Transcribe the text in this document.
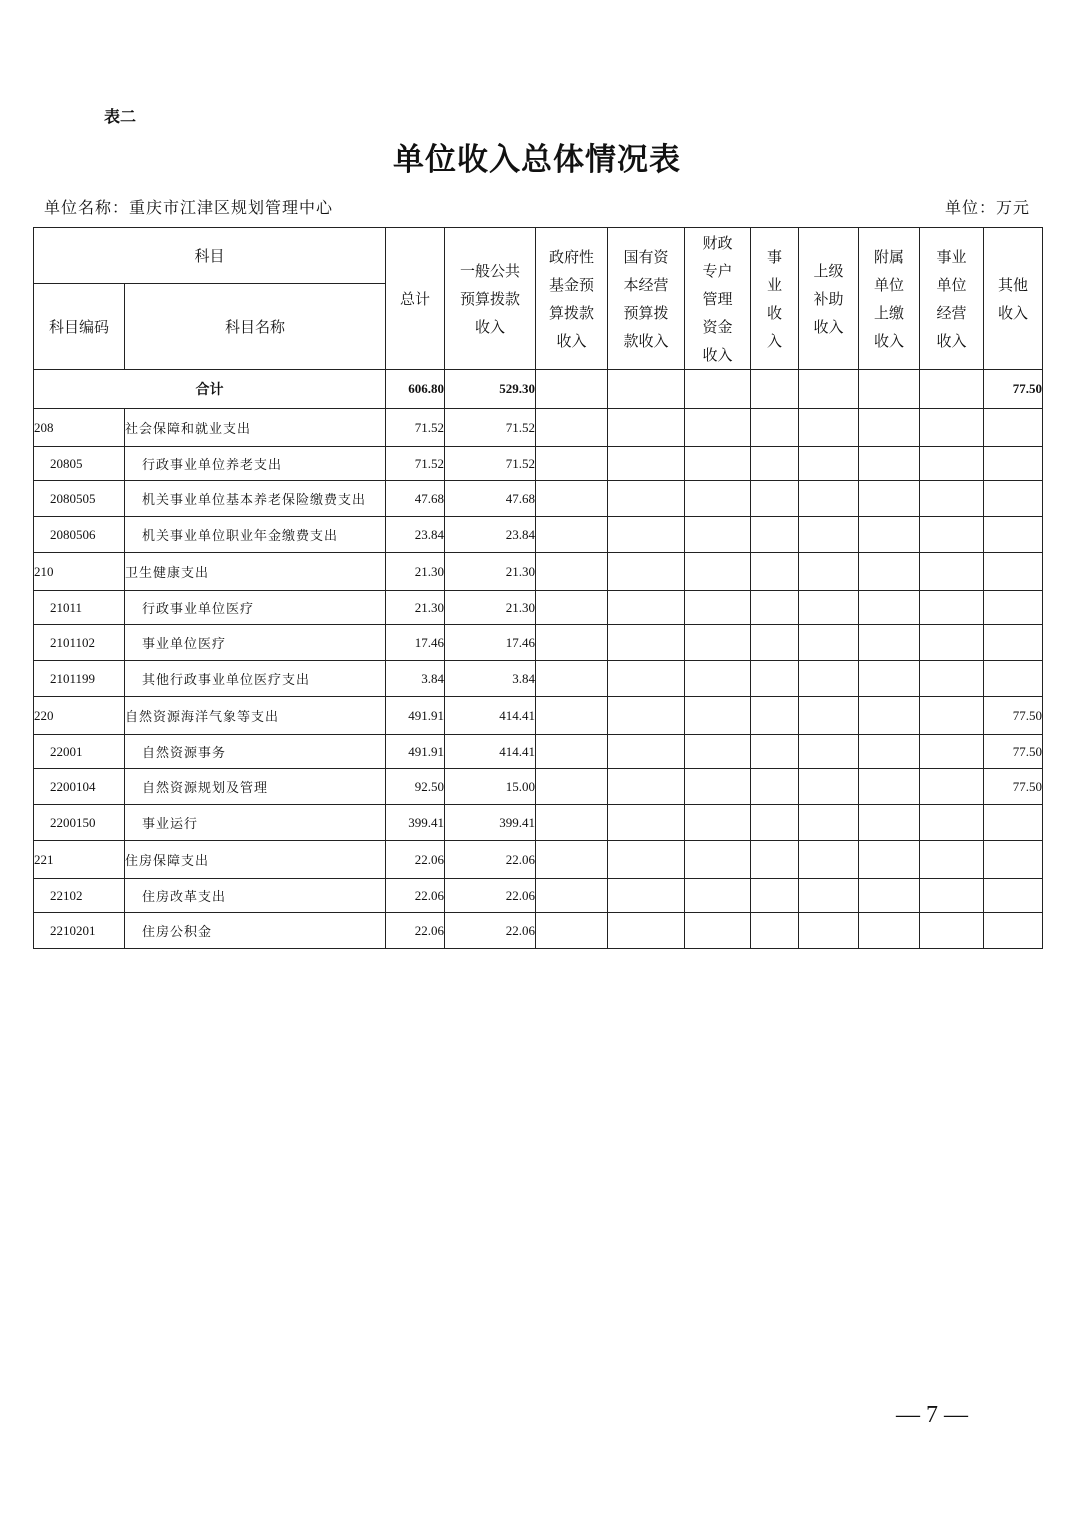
表二
单位收入总体情况表
单位名称：重庆市江津区规划管理中心	单位：万元
科目		总计	一般公共预算拨款收入	政府性基金预算拨款收入	国有资本经营预算拨款收入	财政专户管理资金收入	事业收入	上级补助收入	附属单位上缴收入	事业单位经营收入	其他收入
科目编码	科目名称										
合计		606.80	529.30								77.50
208	社会保障和就业支出	71.52	71.52								
20805	行政事业单位养老支出	71.52	71.52								
2080505	机关事业单位基本养老保险缴费支出	47.68	47.68								
2080506	机关事业单位职业年金缴费支出	23.84	23.84								
210	卫生健康支出	21.30	21.30								
21011	行政事业单位医疗	21.30	21.30								
2101102	事业单位医疗	17.46	17.46								
2101199	其他行政事业单位医疗支出	3.84	3.84								
220	自然资源海洋气象等支出	491.91	414.41								77.50
22001	自然资源事务	491.91	414.41								77.50
2200104	自然资源规划及管理	92.50	15.00								77.50
2200150	事业运行	399.41	399.41								
221	住房保障支出	22.06	22.06								
22102	住房改革支出	22.06	22.06								
2210201	住房公积金	22.06	22.06								
— 7 —
